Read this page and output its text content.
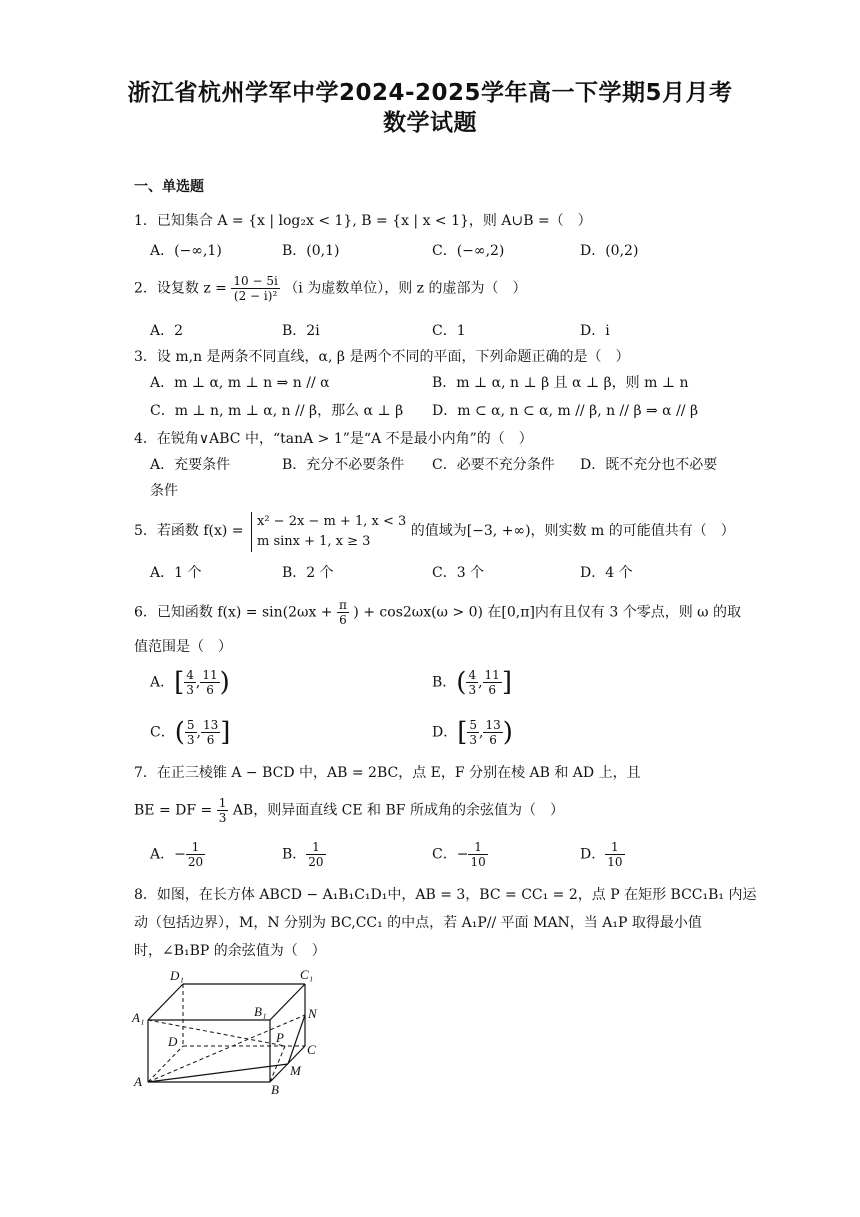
浙江省杭州学军中学2024-2025学年高一下学期5月月考
数学试题
一、单选题
1．已知集合 A = {x | log₂x < 1}, B = {x | x < 1}，则 A∪B =（　）
A．(−∞,1)	B．(0,1)	C．(−∞,2)	D．(0,2)
2．设复数 $z = \frac{10 - 5i}{\text{(2 − i)²}} (i$ 为虚数单位），则 z 的虚部为（　）
A．2	B．2i	C．1	D．i
3．设 m,n 是两条不同直线，α, β 是两个不同的平面，下列命题正确的是（　）
A．m ⊥ α, m ⊥ n ⇒ n // α	B．m ⊥ α, n ⊥ β 且 α ⊥ β，则 m ⊥ n
C．m ⊥ n, m ⊥ α, n // β，那么 α ⊥ β D．m ⊂ α, n ⊂ α, m // β, n // β ⇒ α // β
4．在锐角∨ABC 中，“tanA > 1”是“A 不是最小内角”的（　）
A．充要条件	B．充分不必要条件 C．必要不充分条件 D．既不充分也不必要
条件
5．若函数 f(x) =
x² − 2x − m + 1, x < 3
m sinx + 1, x ≥ 3
的值域为[−3, +∞)，则实数 m 的可能值共有（　）
A．1 个	B．2 个	C．3 个	D．4 个
6．已知函数 $f(x) = \sin(2\omega x + \frac{\pi}{6}$ ) + cos2ωx(ω > 0) 在[0,π]内有且仅有 3 个零点，则 ω 的取
值范围是（　）
A．[ $\frac{4}{3}$ , $\frac{11}{6}$ )	B．( $\frac{4}{3}$ , $\frac{11}{6}$ ]
C．( $\frac{5}{3}$ , $\frac{13}{6}$ ]	D．[ $\frac{5}{3}$ , $\frac{13}{6}$ )
7．在正三棱锥 A − BCD 中，AB = 2BC，点 E，F 分别在棱 AB 和 AD 上，且
BE = DF = $\frac{1}{3}$ AB，则异面直线 CE 和 BF 所成角的余弦值为（　）
A．− $\frac{1}{20}$	B． $\frac{1}{20}$	C．− $\frac{1}{10}$	D． $\frac{1}{10}$
8．如图，在长方体 ABCD − A₁B₁C₁D₁中，AB = 3，BC = CC₁ = 2，点 P 在矩形 BCC₁B₁ 内运
动（包括边界），M，N 分别为 BC,CC₁ 的中点，若 A₁P// 平面 MAN，当 A₁P 取得最小值
时，∠B₁BP 的余弦值为（　）
D₁	C₁
A₁	B₁	N
D	P
C
A
M
B
